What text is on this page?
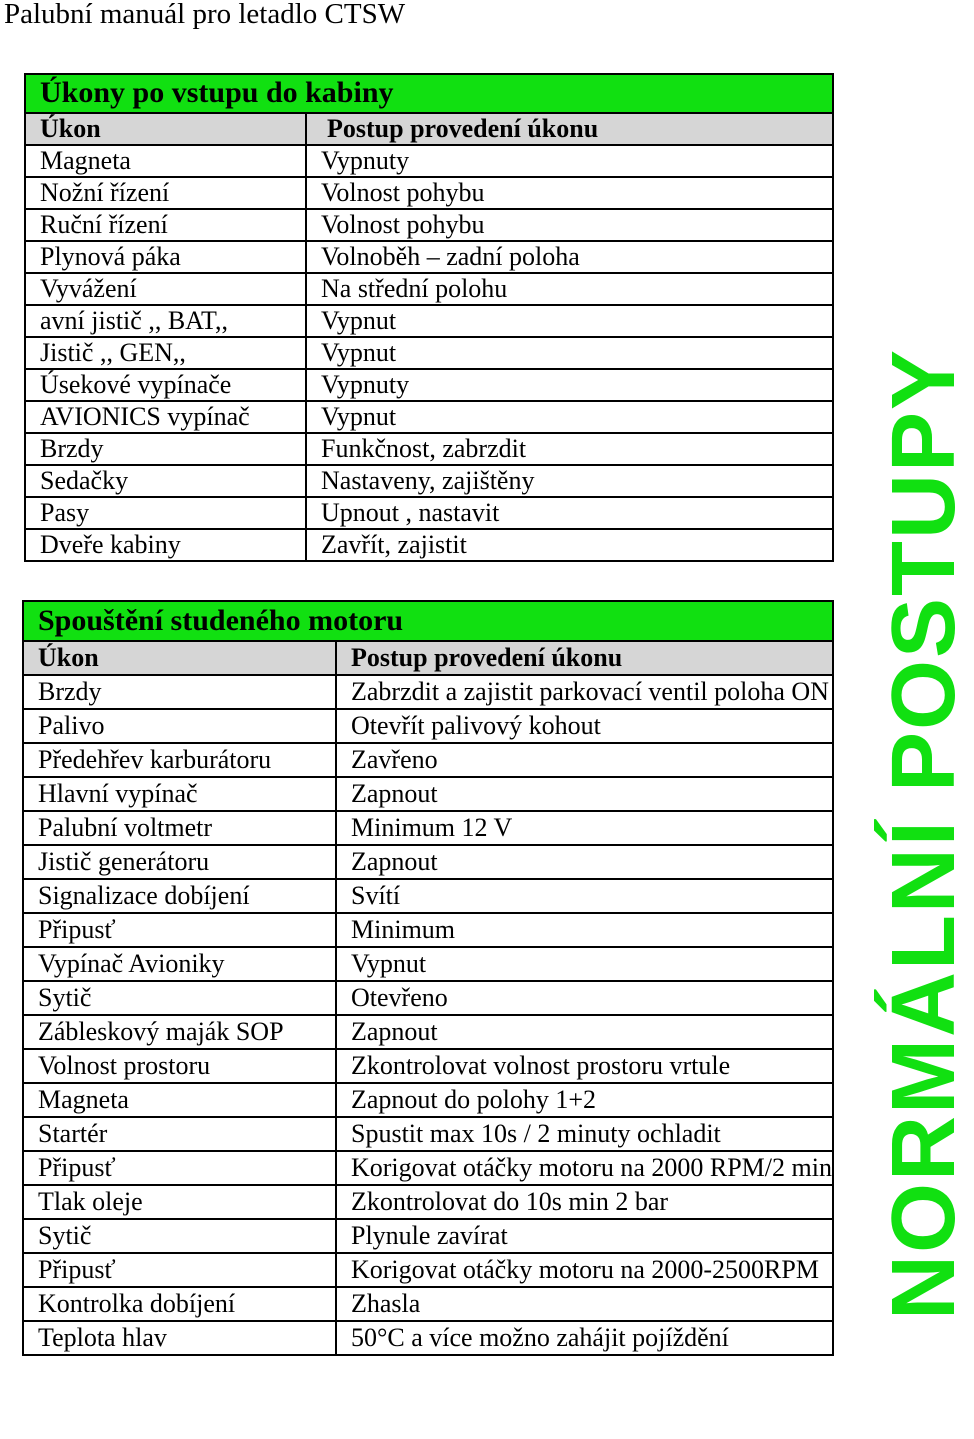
Palubní manuál pro letadlo CTSW
Úkony po vstupu do kabiny	
Úkon	Postup provedení úkonu
Magneta	Vypnuty
Nožní řízení	Volnost pohybu
Ruční řízení	Volnost pohybu
Plynová páka	Volnoběh – zadní poloha
Vyvážení	Na střední polohu
avní jistič ,, BAT,,	Vypnut
Jistič ,, GEN,,	Vypnut
Úsekové vypínače	Vypnuty
AVIONICS vypínač	Vypnut
Brzdy	Funkčnost, zabrzdit
Sedačky	Nastaveny, zajištěny
Pasy	Upnout , nastavit
Dveře kabiny	Zavřít, zajistit
Spouštění studeného motoru	
Úkon	Postup provedení úkonu
Brzdy	Zabrzdit a zajistit parkovací ventil poloha ON
Palivo	Otevřít palivový kohout
Předehřev karburátoru	Zavřeno
Hlavní vypínač	Zapnout
Palubní voltmetr	Minimum 12 V
Jistič generátoru	Zapnout
Signalizace dobíjení	Svítí
Připusť	Minimum
Vypínač Avioniky	Vypnut
Sytič	Otevřeno
Zábleskový maják SOP	Zapnout
Volnost prostoru	Zkontrolovat volnost prostoru vrtule
Magneta	Zapnout do polohy 1+2
Startér	Spustit max 10s / 2 minuty ochladit
Připusť	Korigovat otáčky motoru na 2000 RPM/2 min
Tlak oleje	Zkontrolovat do 10s min 2 bar
Sytič	Plynule zavírat
Připusť	Korigovat otáčky motoru na 2000-2500RPM
Kontrolka dobíjení	Zhasla
Teplota hlav	50°C a více možno zahájit pojíždění
NORMÁLNÍ POSTUPY
